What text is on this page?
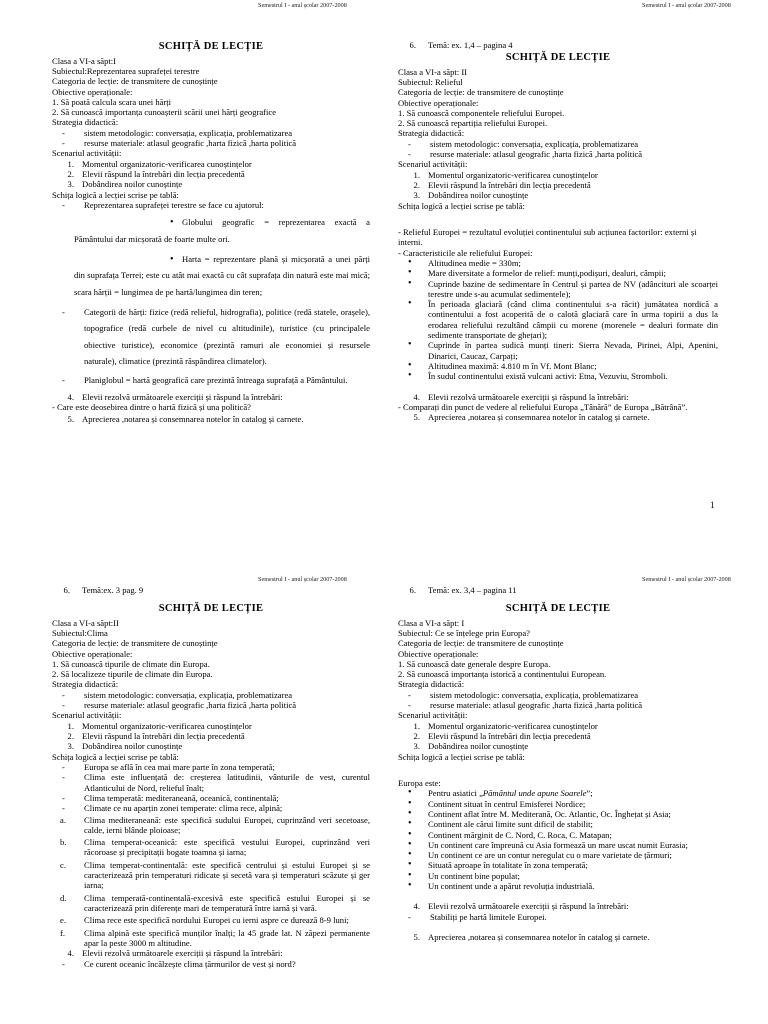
Semestrul I - anul școlar 2007-2008	Semestrul I - anul școlar 2007-2008
Semestrul I - anul școlar 2007-2008	Semestrul I - anul școlar 2007-2008
SCHIȚĂ DE LECȚIE
Clasa a VI-a săpt:I
Subiectul:Reprezentarea suprafeței terestre
Categoria de lecție: de transmitere de cunoștințe
Obiective operaționale:
1. Să poată calcula scara unei hărți
2. Să cunoască importanța cunoașterii scării unei hărți geografice
Strategia didactică:
- sistem metodologic: conversația, explicația, problematizarea
- resurse materiale: atlasul geografic ,harta fizică ,harta politică
Scenariul activității:
1. Momentul organizatoric-verificarea cunoștințelor
2. Elevii răspund la întrebări din lecția precedentă
3. Dobândirea noilor cunoștințe
Schița logică a lecției scrise pe tablă:
- Reprezentarea suprafeței terestre se face cu ajutorul:
• Globului geografic = reprezentarea exactă a Pământului dar micșorată de foarte multe ori.
• Harta = reprezentare plană și micșorată a unei părți din suprafața Terrei; este cu atât mai exactă cu cât suprafața din natură este mai mică; scara hărții = lungimea de pe hartă/lungimea din teren;
- Categorii de hărți: fizice (redă relieful, hidrografia), politice (redă statele, orașele), topografice (redă curbele de nivel cu altitudinile), turistice (cu principalele obiective turistice), economice (prezintă ramuri ale economiei și resursele naturale), climatice (prezintă răspândirea climatelor).
- Planiglobul = hartă geografică care prezintă întreaga suprafață a Pământului.
4. Elevii rezolvă următoarele exerciții și răspund la întrebări:
- Care este deosebirea dintre o hartă fizică și una politică?
5. Aprecierea ,notarea și consemnarea notelor în catalog și carnete.
6. Temă: ex. 1,4 – pagina 4
SCHIȚĂ DE LECȚIE
Clasa a VI-a săpt: II
Subiectul: Relieful
Categoria de lecție: de transmitere de cunoștințe
Obiective operaționale:
1. Să cunoască componentele reliefului Europei.
2. Să cunoască repartiția reliefului Europei.
Strategia didactică:
- sistem metodologic: conversația, explicația, problematizarea
- resurse materiale: atlasul geografic ,harta fizică ,harta politică
Scenariul activității:
1. Momentul organizatoric-verificarea cunoștințelor
2. Elevii răspund la întrebări din lecția precedentă
3. Dobândirea noilor cunoștințe
Schița logică a lecției scrise pe tablă:
- Relieful Europei = rezultatul evoluției continentului sub acțiunea factorilor: externi și interni.
- Caracteristicile ale reliefului Europei:
• Altitudinea medie = 330m;
• Mare diversitate a formelor de relief: munți,podișuri, dealuri, câmpii;
• Cuprinde bazine de sedimentare în Centrul și partea de NV (adâncituri ale scoarței terestre unde s-au acumulat sedimentele);
• În perioada glaciară (când clima continentului s-a răcit) jumătatea nordică a continentului a fost acoperită de o calotă glaciară care în urma topirii a dus la erodarea reliefului rezultând câmpii cu morene (morenele = dealuri formate din sedimente transportate de ghețari);
• Cuprinde în partea sudică munți tineri: Sierra Nevada, Pirinei, Alpi, Apenini, Dinarici, Caucaz, Carpați;
• Altitudinea maximă: 4.810 m în Vf. Mont Blanc;
• În sudul continentului există vulcani activi: Etna, Vezuviu, Stromboli.
4. Elevii rezolvă următoarele exerciții și răspund la întrebări:
- Comparați din punct de vedere al reliefului Europa „Tânără” de Europa „Bătrână”.
5. Aprecierea ,notarea și consemnarea notelor în catalog și carnete.
1
6. Temă:ex. 3 pag. 9
SCHIȚĂ DE LECȚIE
Clasa a VI-a săpt:II
Subiectul:Clima
Categoria de lecție: de transmitere de cunoștințe
Obiective operaționale:
1. Să cunoască tipurile de climate din Europa.
2. Să localizeze tipurile de climate din Europa.
Strategia didactică:
- sistem metodologic: conversația, explicația, problematizarea
- resurse materiale: atlasul geografic ,harta fizică ,harta politică
Scenariul activității:
1. Momentul organizatoric-verificarea cunoștințelor
2. Elevii răspund la întrebări din lecția precedentă
3. Dobândirea noilor cunoștințe
Schița logică a lecției scrise pe tablă:
- Europa se află în cea mai mare parte în zona temperată;
- Clima este influențată de: creșterea latitudinii, vânturile de vest, curentul Atlanticului de Nord, relieful înalt;
- Clima temperată: mediteraneană, oceanică, continentală;
- Climate ce nu aparțin zonei temperate: clima rece, alpină;
a. Clima mediteraneană: este specifică sudului Europei, cuprinzând veri secetoase, calde, ierni blânde ploioase;
b. Clima temperat-oceanică: este specifică vestului Europei, cuprinzând veri răcoroase și precipitații bogate toamna și iarna;
c. Clima temperat-continentală: este specifică centrului și estului Europei și se caracterizează prin temperaturi ridicate și secetă vara și temperaturi scăzute și ger iarna;
d. Clima temperată-continentală-excesivă este specifică estului Europei și se caracterizează prin diferențe mari de temperatură între iarnă și vară.
e. Clima rece este specifică nordului Europei cu ierni aspre ce durează 8-9 luni;
f. Clima alpină este specifică munților înalți; la 45 grade lat. N zăpezi permanente apar la peste 3000 m altitudine.
4. Elevii rezolvă următoarele exerciții și răspund la întrebări:
- Ce curent oceanic încălzește clima țărmurilor de vest și nord?
6. Temă: ex. 3,4 – pagina 11
SCHIȚĂ DE LECȚIE
Clasa a VI-a săpt: I
Subiectul: Ce se înțelege prin Europa?
Categoria de lecție: de transmitere de cunoștințe
Obiective operaționale:
1. Să cunoască date generale despre Europa.
2. Să cunoască importanța istorică a continentului European.
Strategia didactică:
- sistem metodologic: conversația, explicația, problematizarea
- resurse materiale: atlasul geografic ,harta fizică ,harta politică
Scenariul activității:
1. Momentul organizatoric-verificarea cunoștințelor
2. Elevii răspund la întrebări din lecția precedentă
3. Dobândirea noilor cunoștințe
Schița logică a lecției scrise pe tablă:
Europa este:
• Pentru asiatici „Pământul unde apune Soarele”;
• Continent situat în centrul Emisferei Nordice;
• Continent aflat între M. Mediterană, Oc. Atlantic, Oc. Înghețat și Asia;
• Continent ale cărui limite sunt dificil de stabilit;
• Continent mărginit de C. Nord, C. Roca, C. Matapan;
• Un continent care împreună cu Asia formează un mare uscat numit Eurasia;
• Un continent ce are un contur neregulat cu o mare varietate de țărmuri;
• Situată aproape în totalitate în zona temperată;
• Un continent bine populat;
• Un continent unde a apărut revoluția industrială.
4. Elevii rezolvă următoarele exerciții și răspund la întrebări:
- Stabiliți pe hartă limitele Europei.
5. Aprecierea ,notarea și consemnarea notelor în catalog și carnete.
